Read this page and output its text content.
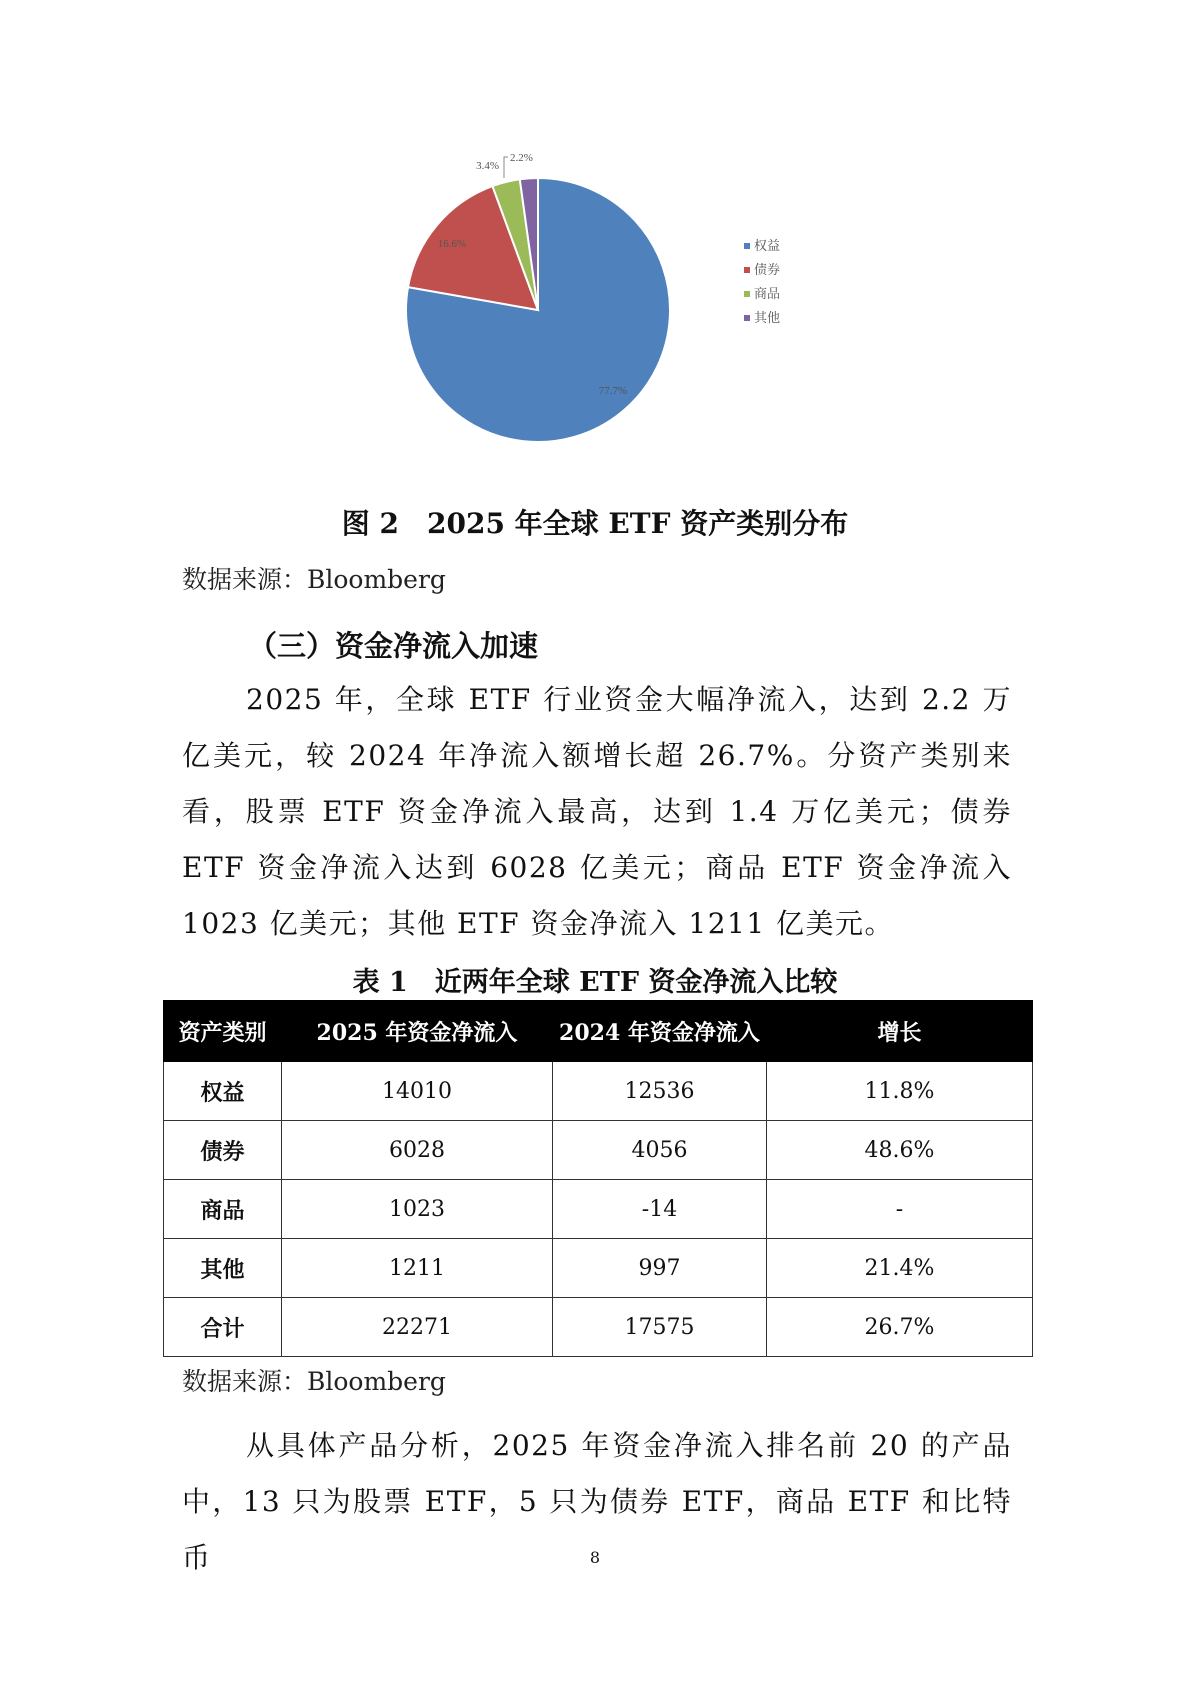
77.7%
16.6%
3.4%
2.2%
权益
债券
商品
其他
图 2　2025 年全球 ETF 资产类别分布
数据来源：Bloomberg
（三）资金净流入加速
2025 年，全球 ETF 行业资金大幅净流入，达到 2.2 万亿美元，较 2024 年净流入额增长超 26.7%。分资产类别来看，股票 ETF 资金净流入最高，达到 1.4 万亿美元；债券 ETF 资金净流入达到 6028 亿美元；商品 ETF 资金净流入 1023 亿美元；其他 ETF 资金净流入 1211 亿美元。
表 1　近两年全球 ETF 资金净流入比较
资产类别	2025 年资金净流入	2024 年资金净流入	增长
权益	14010	12536	11.8%
债券	6028	4056	48.6%
商品	1023	-14	-
其他	1211	997	21.4%
合计	22271	17575	26.7%
数据来源：Bloomberg
从具体产品分析，2025 年资金净流入排名前 20 的产品中，13 只为股票 ETF，5 只为债券 ETF，商品 ETF 和比特币	8
